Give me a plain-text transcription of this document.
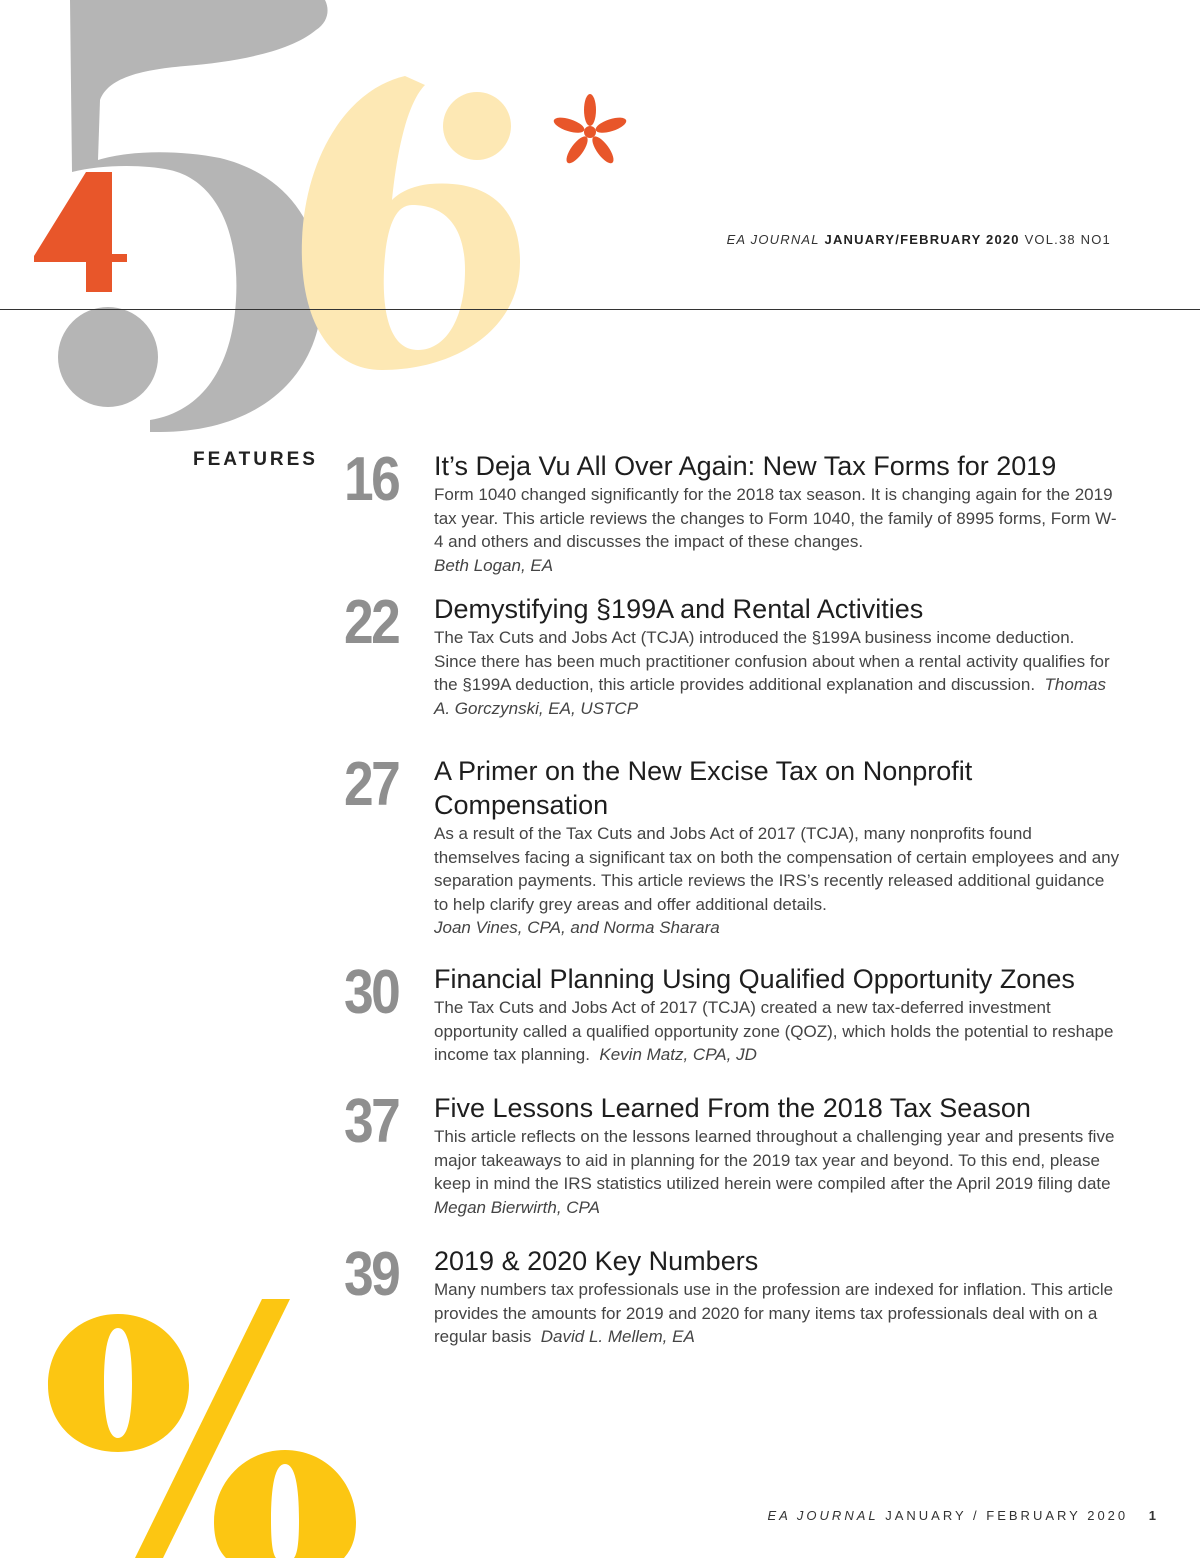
EA JOURNAL JANUARY/FEBRUARY 2020 VOL.38 NO1
FEATURES 16	It’s Deja Vu All Over Again: New Tax Forms for 2019

Form 1040 changed significantly for the 2018 tax season. It is changing again for the 2019 tax year. This article reviews the changes to Form 1040, the family of 8995 forms, Form W-4 and others and discusses the impact of these changes.
Beth Logan, EA

22	Demystifying §199A and Rental Activities

The Tax Cuts and Jobs Act (TCJA) introduced the §199A business income deduction. Since there has been much practitioner confusion about when a rental activity qualifies for the §199A deduction, this article provides additional explanation and discussion. Thomas A. Gorczynski, EA, USTCP

27	A Primer on the New Excise Tax on Nonprofit Compensation

As a result of the Tax Cuts and Jobs Act of 2017 (TCJA), many nonprofits found themselves facing a significant tax on both the compensation of certain employees and any separation payments. This article reviews the IRS’s recently released additional guidance to help clarify grey areas and offer additional details.
Joan Vines, CPA, and Norma Sharara

30	Financial Planning Using Qualified Opportunity Zones

The Tax Cuts and Jobs Act of 2017 (TCJA) created a new tax-deferred investment opportunity called a qualified opportunity zone (QOZ), which holds the potential to reshape income tax planning. Kevin Matz, CPA, JD

37	Five Lessons Learned From the 2018 Tax Season

This article reflects on the lessons learned throughout a challenging year and presents five major takeaways to aid in planning for the 2019 tax year and beyond. To this end, please keep in mind the IRS statistics utilized herein were compiled after the April 2019 filing date  Megan Bierwirth, CPA

39	2019 & 2020 Key Numbers

Many numbers tax professionals use in the profession are indexed for inflation. This article provides the amounts for 2019 and 2020 for many items tax professionals deal with on a regular basis David L. Mellem, EA

EA JOURNAL JANUARY / FEBRUARY 2020 1
